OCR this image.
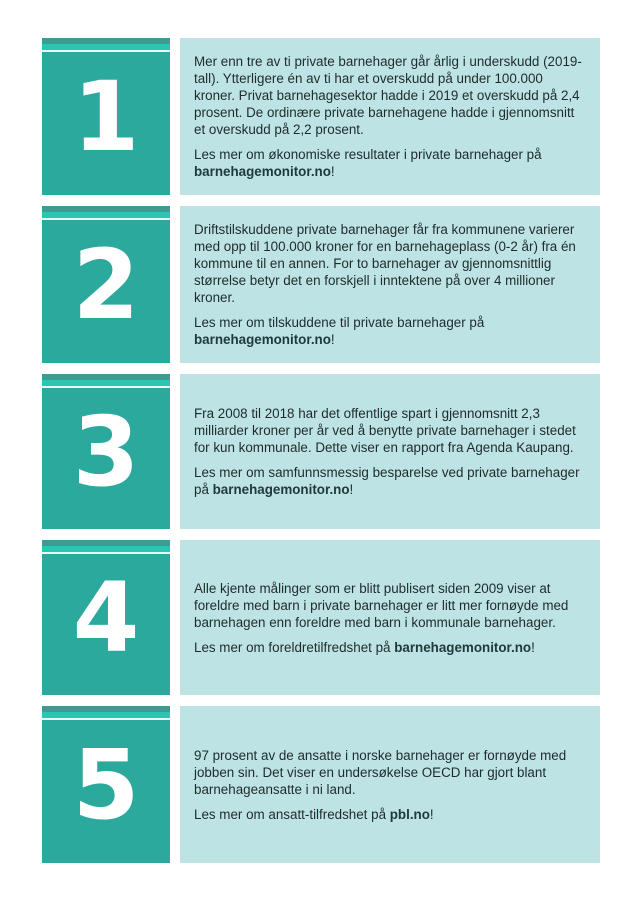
1	Mer enn tre av ti private barnehager går årlig i underskudd (2019-tall). Ytterligere én av ti har et overskudd på under 100.000 kroner. Privat barnehagesektor hadde i 2019 et overskudd på 2,4 prosent. De ordinære private barnehagene hadde i gjennomsnitt et overskudd på 2,2 prosent.

Les mer om økonomiske resultater i private barnehager på barnehagemonitor.no!

2	Driftstilskuddene private barnehager får fra kommunene varierer med opp til 100.000 kroner for en barnehageplass (0-2 år) fra én kommune til en annen. For to barnehager av gjennomsnittlig størrelse betyr det en forskjell i inntektene på over 4 millioner kroner.

Les mer om tilskuddene til private barnehager på barnehagemonitor.no!

3	Fra 2008 til 2018 har det offentlige spart i gjennomsnitt 2,3 milliarder kroner per år ved å benytte private barnehager i stedet for kun kommunale. Dette viser en rapport fra Agenda Kaupang.

Les mer om samfunnsmessig besparelse ved private barnehager på barnehagemonitor.no!

4	Alle kjente målinger som er blitt publisert siden 2009 viser at foreldre med barn i private barnehager er litt mer fornøyde med barnehagen enn foreldre med barn i kommunale barnehager.

Les mer om foreldretilfredshet på barnehagemonitor.no!

5	97 prosent av de ansatte i norske barnehager er fornøyde med jobben sin. Det viser en undersøkelse OECD har gjort blant barnehageansatte i ni land.

Les mer om ansatt-tilfredshet på pbl.no!
